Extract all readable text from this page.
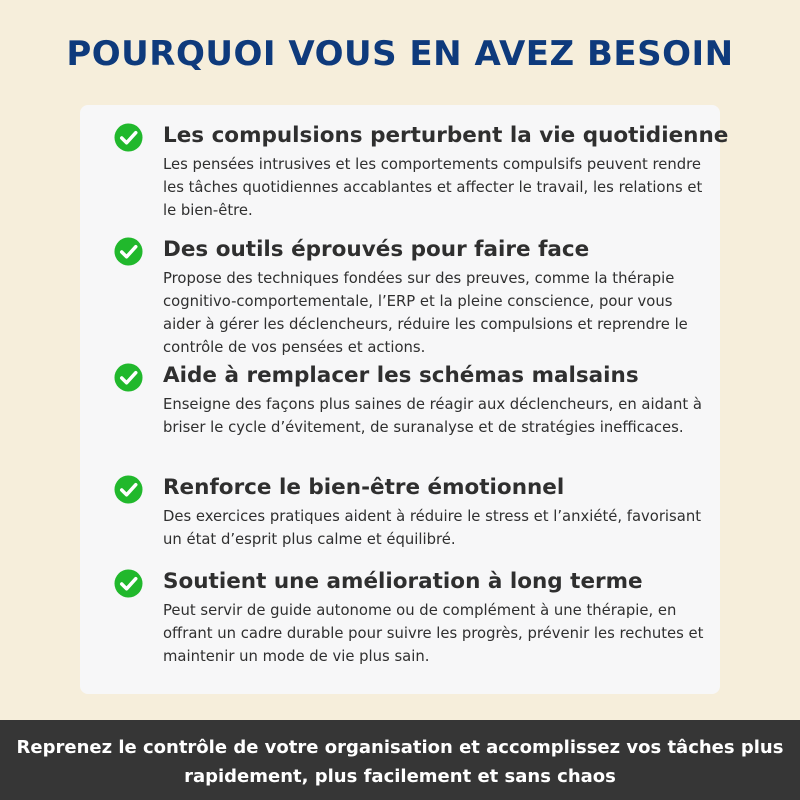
POURQUOI VOUS EN AVEZ BESOIN
Les compulsions perturbent la vie quotidienne
Les pensées intrusives et les comportements compulsifs peuvent rendre les tâches quotidiennes accablantes et affecter le travail, les relations et le bien-être.
Des outils éprouvés pour faire face
Propose des techniques fondées sur des preuves, comme la thérapie cognitivo-comportementale, l’ERP et la pleine conscience, pour vous aider à gérer les déclencheurs, réduire les compulsions et reprendre le contrôle de vos pensées et actions.
Aide à remplacer les schémas malsains
Enseigne des façons plus saines de réagir aux déclencheurs, en aidant à briser le cycle d’évitement, de suranalyse et de stratégies inefficaces.
Renforce le bien-être émotionnel
Des exercices pratiques aident à réduire le stress et l’anxiété, favorisant un état d’esprit plus calme et équilibré.
Soutient une amélioration à long terme
Peut servir de guide autonome ou de complément à une thérapie, en offrant un cadre durable pour suivre les progrès, prévenir les rechutes et maintenir un mode de vie plus sain.
Reprenez le contrôle de votre organisation et accomplissez vos tâches plus
rapidement, plus facilement et sans chaos
